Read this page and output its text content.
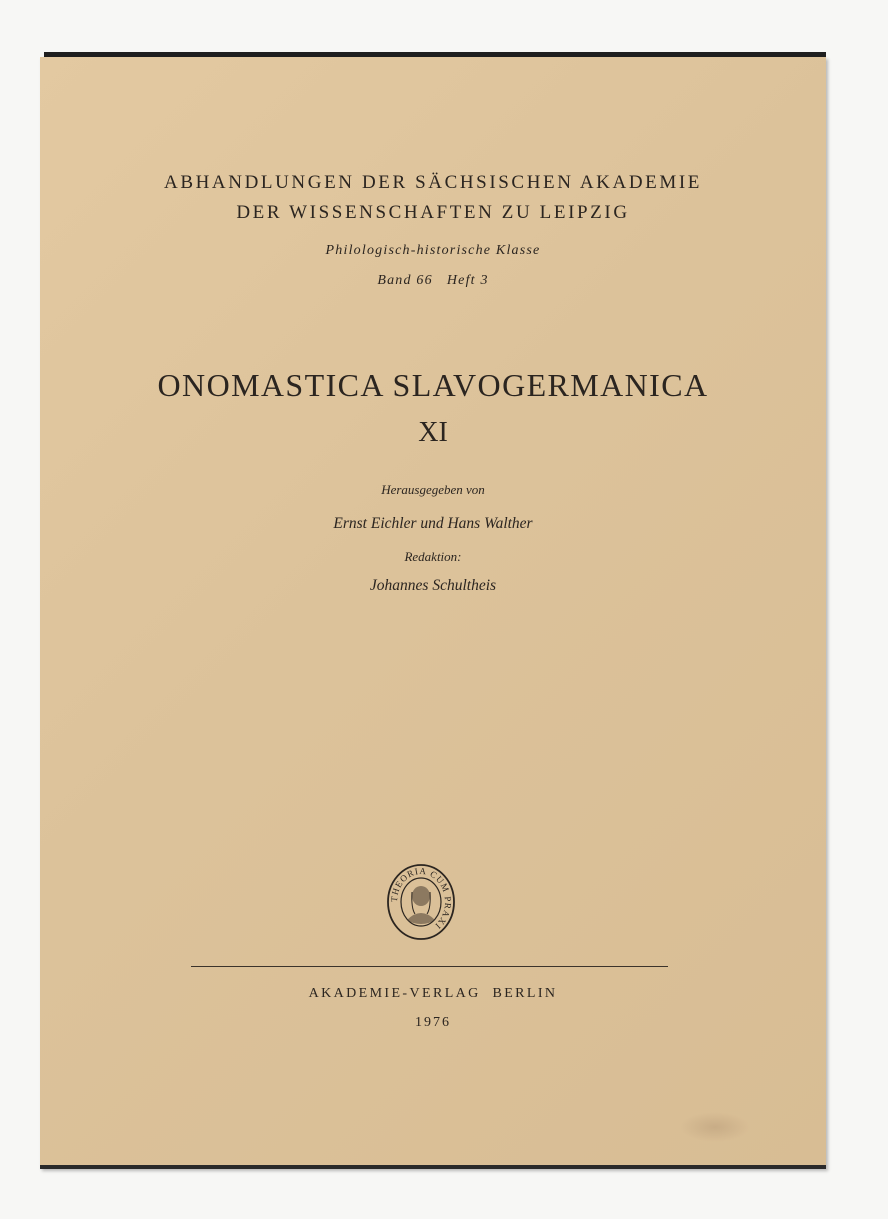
ABHANDLUNGEN DER SÄCHSISCHEN AKADEMIE
DER WISSENSCHAFTEN ZU LEIPZIG
Philologisch-historische Klasse
Band 66   Heft 3
ONOMASTICA SLAVOGERMANICA
XI
Herausgegeben von
Ernst Eichler und Hans Walther
Redaktion:
Johannes Schultheis
THEORIA CUM PRAXI
AKADEMIE-VERLAG  BERLIN
1976
